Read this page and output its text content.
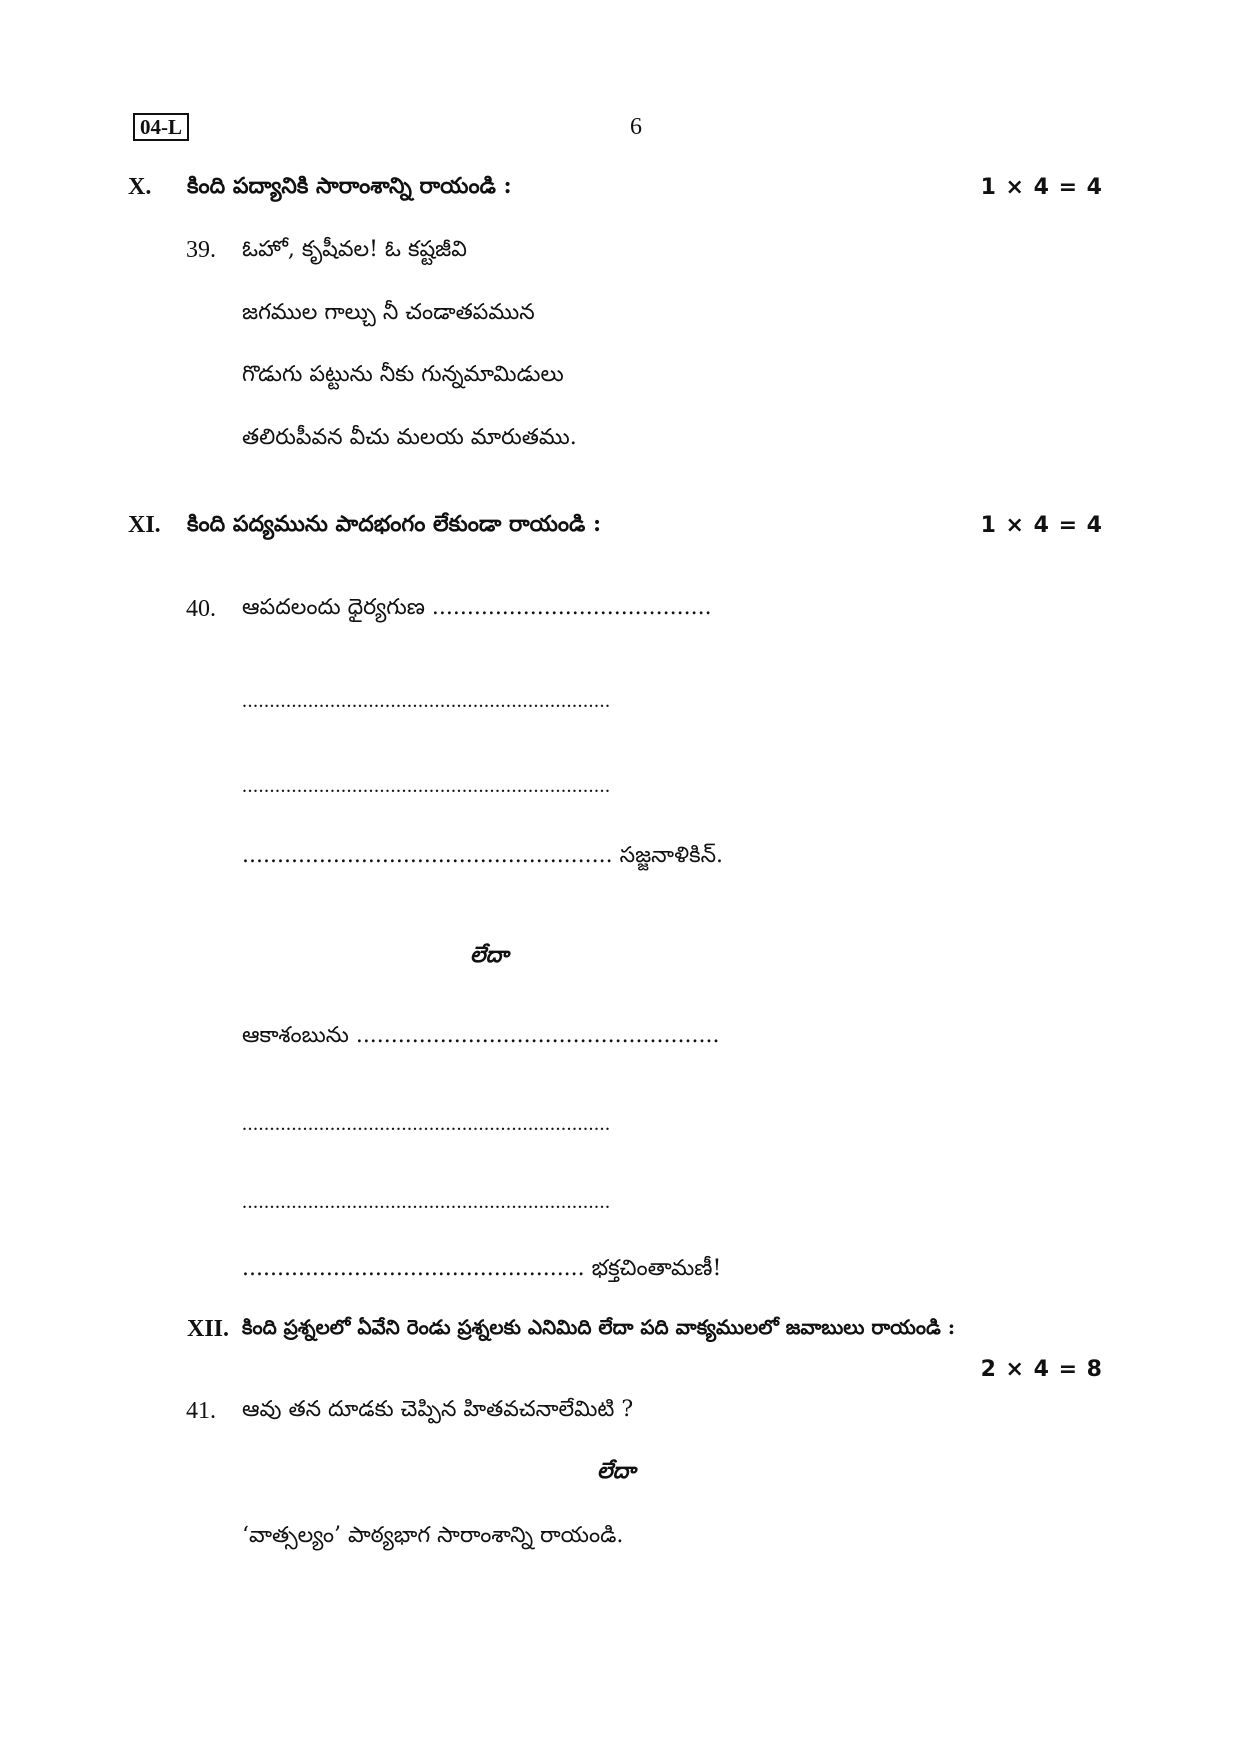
04-L	6
X. కింది పద్యానికి సారాంశాన్ని రాయండి :	1 × 4 = 4
39. ఓహో, కృషీవల! ఓ కష్టజీవి
జగముల గాల్చు నీ చండాతపమున
గొడుగు పట్టును నీకు గున్నమామిడులు
తలిరుపీవన వీచు మలయ మారుతము.
XI. కింది పద్యమును పాదభంగం లేకుండా రాయండి :	1 × 4 = 4
40. ఆపదలందు ధైర్యగుణ ........................................
...................................................................
...................................................................
..................................................... సజ్జనాళికిన్.
లేదా
ఆకాశంబును ....................................................
...................................................................
...................................................................
................................................. భక్తచింతామణీ!
XII. కింది ప్రశ్నలలో ఏవేని రెండు ప్రశ్నలకు ఎనిమిది లేదా పది వాక్యములలో జవాబులు రాయండి :
2 × 4 = 8
41. ఆవు తన దూడకు చెప్పిన హితవచనాలేమిటి ?
లేదా
‘వాత్సల్యం’ పాఠ్యభాగ సారాంశాన్ని రాయండి.
